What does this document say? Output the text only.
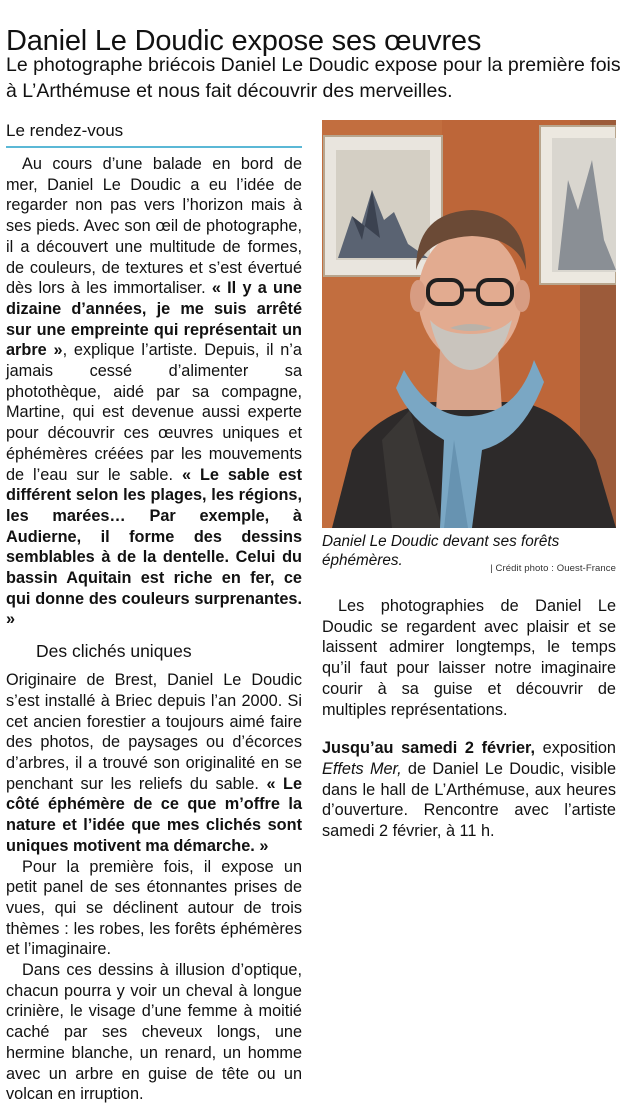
Daniel Le Doudic expose ses œuvres
Le photographe briécois Daniel Le Doudic expose pour la première fois à L’Arthémuse et nous fait découvrir des merveilles.
Le rendez-vous

Au cours d’une balade en bord de mer, Daniel Le Doudic a eu l’idée de regarder non pas vers l’horizon mais à ses pieds. Avec son œil de photographe, il a découvert une multitude de formes, de couleurs, de textures et s’est évertué dès lors à les immortaliser. « Il y a une dizaine d’années, je me suis arrêté sur une empreinte qui représentait un arbre », explique l’artiste. Depuis, il n’a jamais cessé d’alimenter sa photothèque, aidé par sa compagne, Martine, qui est devenue aussi experte pour découvrir ces œuvres uniques et éphémères créées par les mouvements de l’eau sur le sable. « Le sable est différent selon les plages, les régions, les marées… Par exemple, à Audierne, il forme des dessins semblables à de la dentelle. Celui du bassin Aquitain est riche en fer, ce qui donne des couleurs surprenantes. »

Des clichés uniques

Originaire de Brest, Daniel Le Doudic s’est installé à Briec depuis l’an 2000. Si cet ancien forestier a toujours aimé faire des photos, de paysages ou d’écorces d’arbres, il a trouvé son originalité en se penchant sur les reliefs du sable. « Le côté éphémère de ce que m’offre la nature et l’idée que mes clichés sont uniques motivent ma démarche. »

Pour la première fois, il expose un petit panel de ses étonnantes prises de vues, qui se déclinent autour de trois thèmes : les robes, les forêts éphémères et l’imaginaire.

Dans ces dessins à illusion d’optique, chacun pourra y voir un cheval à longue crinière, le visage d’une femme à moitié caché par ses cheveux longs, une hermine blanche, un renard, un homme avec un arbre en guise de tête ou un volcan en irruption.

Daniel Le Doudic devant ses forêts éphémères.	| Crédit photo : Ouest-France

Les photographies de Daniel Le Doudic se regardent avec plaisir et se laissent admirer longtemps, le temps qu’il faut pour laisser notre imaginaire courir à sa guise et découvrir de multiples représentations.

Jusqu’au samedi 2 février, exposition Effets Mer, de Daniel Le Doudic, visible dans le hall de L’Arthémuse, aux heures d’ouverture. Rencontre avec l’artiste samedi 2 février, à 11 h.
